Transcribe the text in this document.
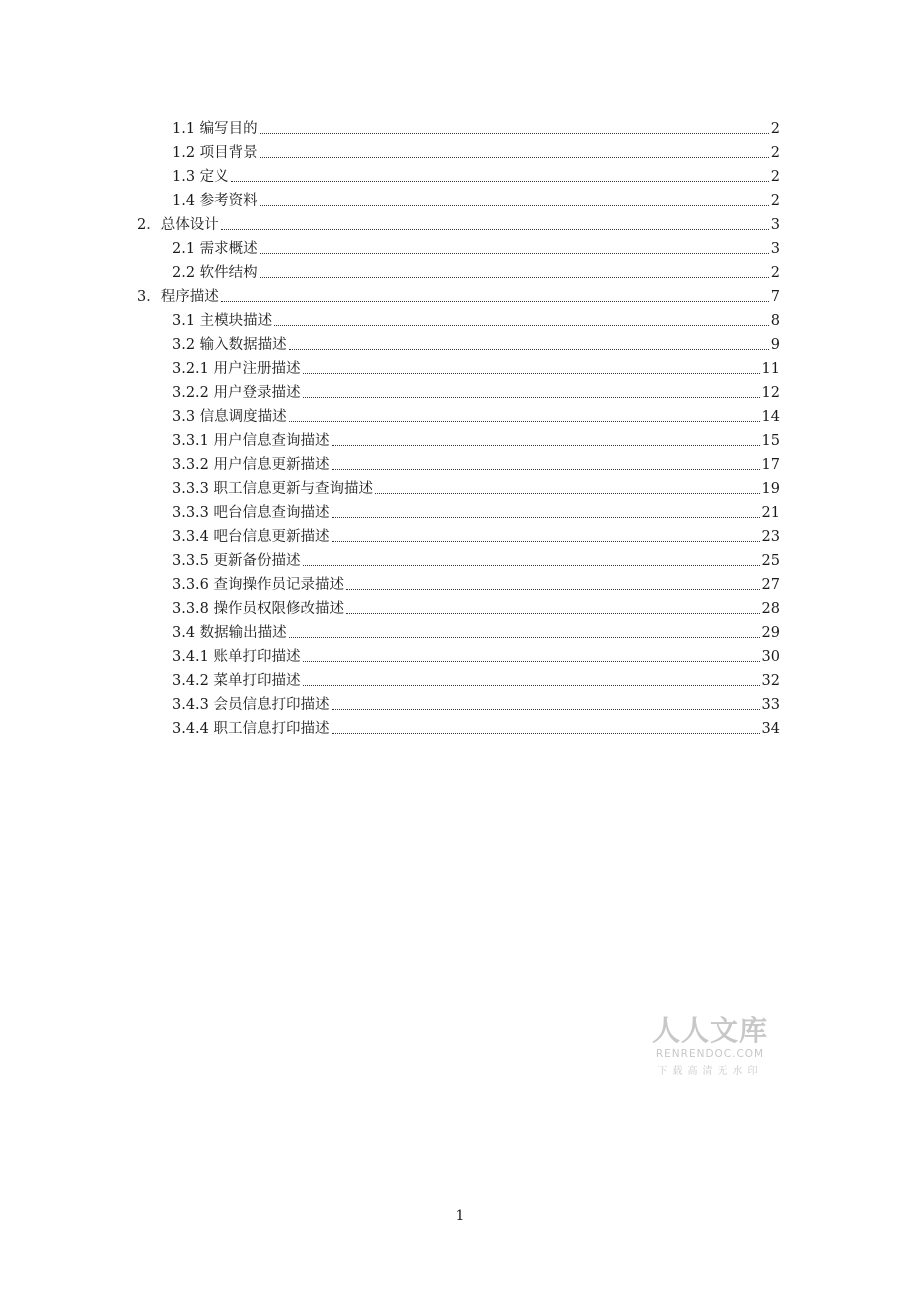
1.1 编写目的	2
1.2 项目背景	2
1.3 定义	2
1.4 参考资料	2
2．总体设计	3
2.1 需求概述	3
2.2 软件结构	2
3．程序描述	7
3.1 主模块描述	8
3.2 输入数据描述	9
3.2.1 用户注册描述	11
3.2.2 用户登录描述	12
3.3 信息调度描述	14
3.3.1 用户信息查询描述	15
3.3.2 用户信息更新描述	17
3.3.3 职工信息更新与查询描述	19
3.3.3 吧台信息查询描述	21
3.3.4 吧台信息更新描述	23
3.3.5 更新备份描述	25
3.3.6 查询操作员记录描述	27
3.3.8 操作员权限修改描述	28
3.4 数据输出描述	29
3.4.1 账单打印描述	30
3.4.2 菜单打印描述	32
3.4.3 会员信息打印描述	33
3.4.4 职工信息打印描述	34
人人文库
RENRENDOC.COM
下载高清无水印
1
